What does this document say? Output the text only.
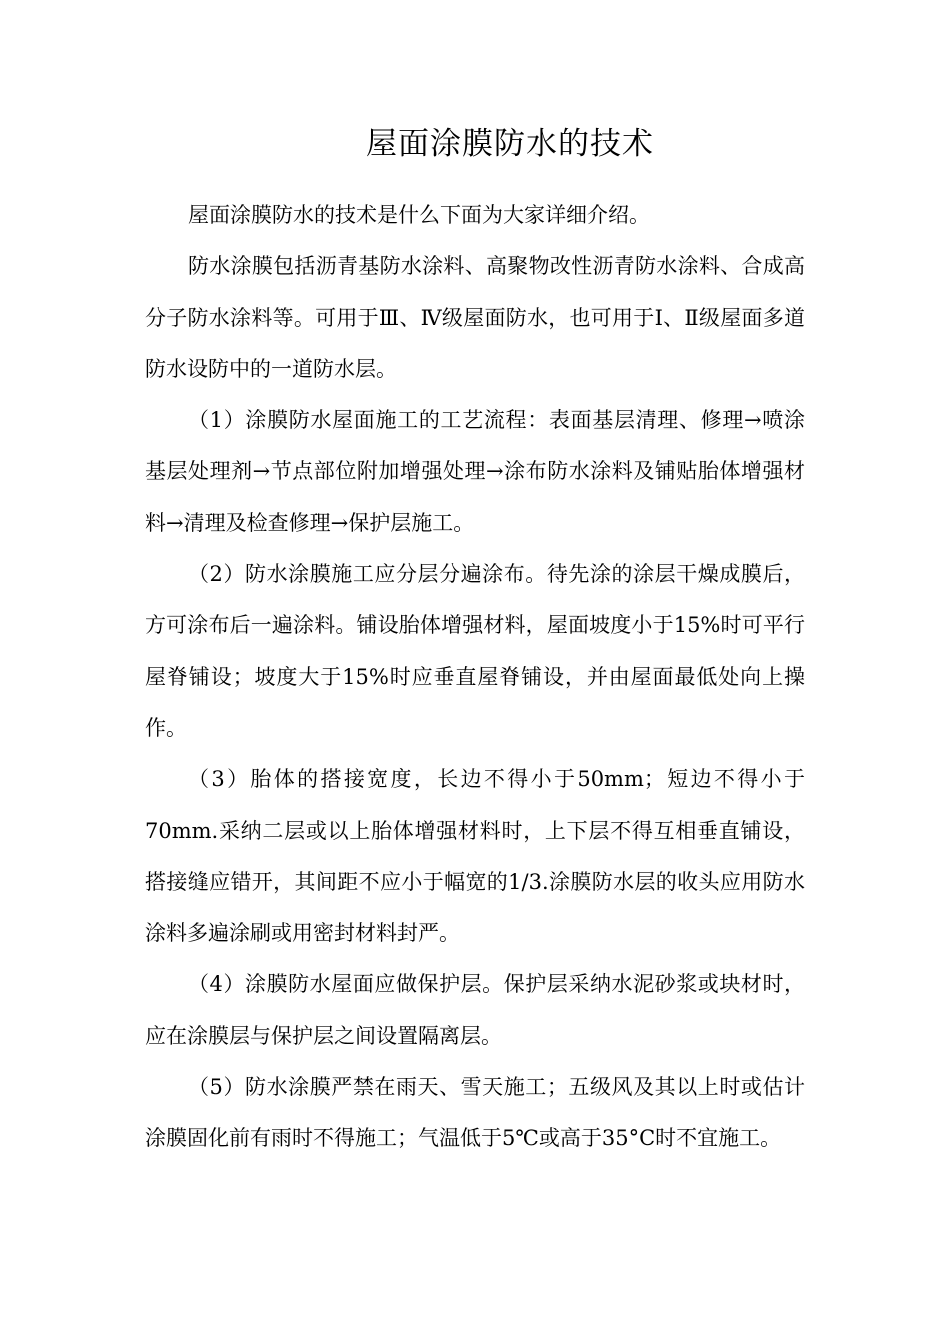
屋面涂膜防水的技术

屋面涂膜防水的技术是什么下面为大家详细介绍。

防水涂膜包括沥青基防水涂料、高聚物改性沥青防水涂料、合成高分子防水涂料等。可用于Ⅲ、Ⅳ级屋面防水，也可用于Ⅰ、Ⅱ级屋面多道防水设防中的一道防水层。

（1）涂膜防水屋面施工的工艺流程：表面基层清理、修理→喷涂基层处理剂→节点部位附加增强处理→涂布防水涂料及铺贴胎体增强材料→清理及检查修理→保护层施工。

（2）防水涂膜施工应分层分遍涂布。待先涂的涂层干燥成膜后，方可涂布后一遍涂料。铺设胎体增强材料，屋面坡度小于15%时可平行屋脊铺设；坡度大于15%时应垂直屋脊铺设，并由屋面最低处向上操作。

（3）胎体的搭接宽度，长边不得小于50mm；短边不得小于70mm.采纳二层或以上胎体增强材料时，上下层不得互相垂直铺设，搭接缝应错开，其间距不应小于幅宽的1/3.涂膜防水层的收头应用防水涂料多遍涂刷或用密封材料封严。

（4）涂膜防水屋面应做保护层。保护层采纳水泥砂浆或块材时，应在涂膜层与保护层之间设置隔离层。

（5）防水涂膜严禁在雨天、雪天施工；五级风及其以上时或估计涂膜固化前有雨时不得施工；气温低于5℃或高于35°C时不宜施工。
